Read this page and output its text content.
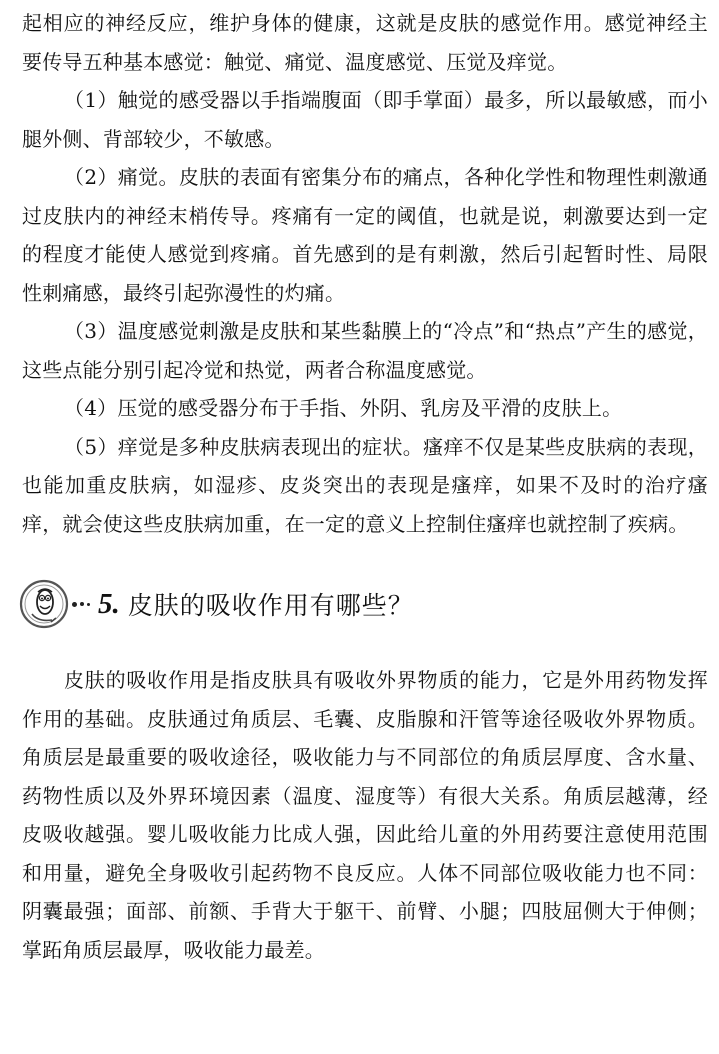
起相应的神经反应，维护身体的健康，这就是皮肤的感觉作用。感觉神经主要传导五种基本感觉：触觉、痛觉、温度感觉、压觉及痒觉。

（1）触觉的感受器以手指端腹面（即手掌面）最多，所以最敏感，而小腿外侧、背部较少，不敏感。

（2）痛觉。皮肤的表面有密集分布的痛点，各种化学性和物理性刺激通过皮肤内的神经末梢传导。疼痛有一定的阈值，也就是说，刺激要达到一定的程度才能使人感觉到疼痛。首先感到的是有刺激，然后引起暂时性、局限性刺痛感，最终引起弥漫性的灼痛。

（3）温度感觉刺激是皮肤和某些黏膜上的“冷点”和“热点”产生的感觉，这些点能分别引起冷觉和热觉，两者合称温度感觉。

（4）压觉的感受器分布于手指、外阴、乳房及平滑的皮肤上。

（5）痒觉是多种皮肤病表现出的症状。瘙痒不仅是某些皮肤病的表现，也能加重皮肤病，如湿疹、皮炎突出的表现是瘙痒，如果不及时的治疗瘙痒，就会使这些皮肤病加重，在一定的意义上控制住瘙痒也就控制了疾病。

5. 皮肤的吸收作用有哪些？

皮肤的吸收作用是指皮肤具有吸收外界物质的能力，它是外用药物发挥作用的基础。皮肤通过角质层、毛囊、皮脂腺和汗管等途径吸收外界物质。角质层是最重要的吸收途径，吸收能力与不同部位的角质层厚度、含水量、药物性质以及外界环境因素（温度、湿度等）有很大关系。角质层越薄，经皮吸收越强。婴儿吸收能力比成人强，因此给儿童的外用药要注意使用范围和用量，避免全身吸收引起药物不良反应。人体不同部位吸收能力也不同：阴囊最强；面部、前额、手背大于躯干、前臂、小腿；四肢屈侧大于伸侧；掌跖角质层最厚，吸收能力最差。
